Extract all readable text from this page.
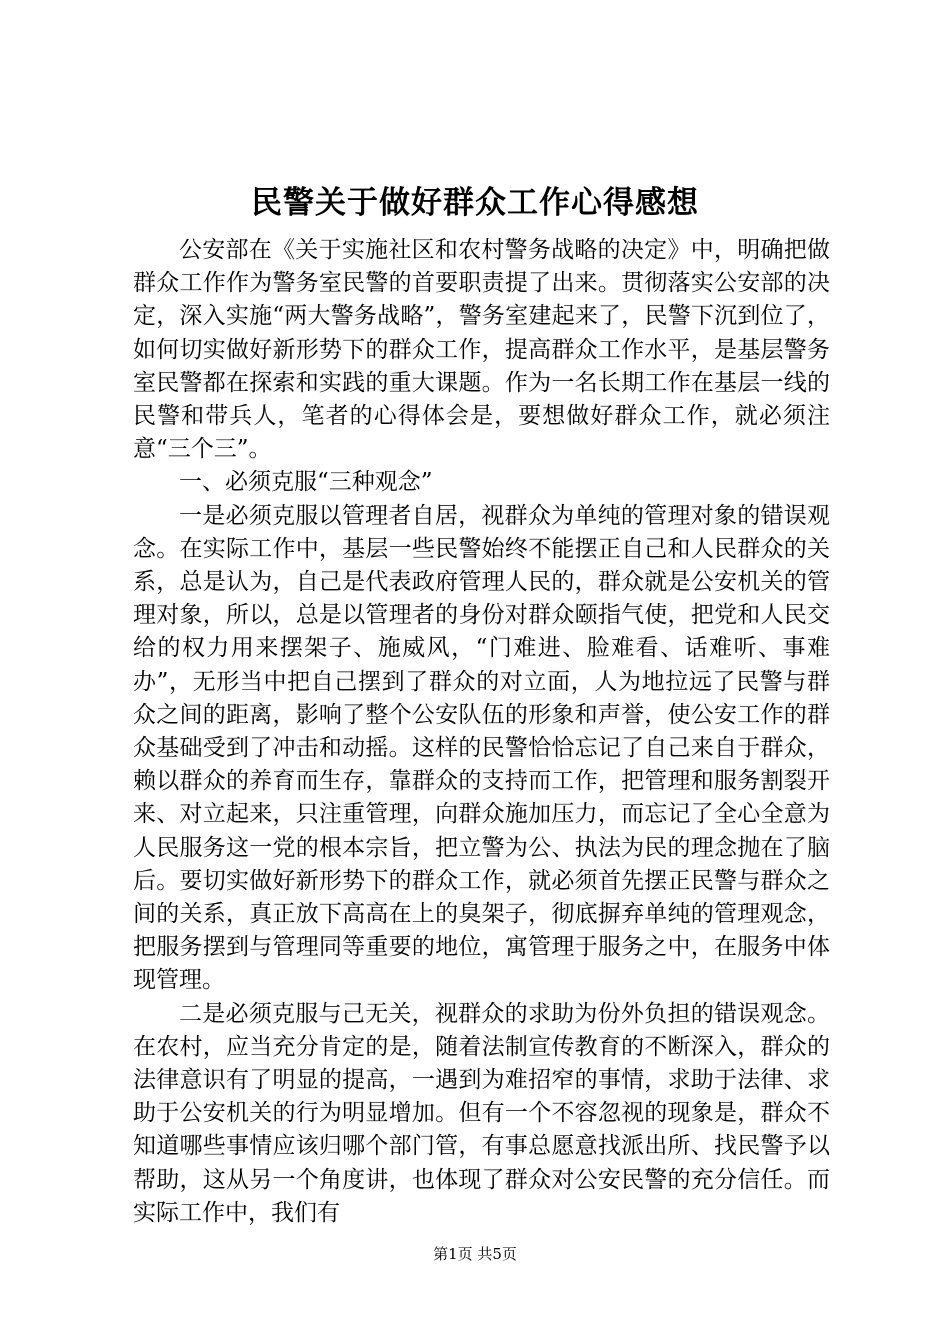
民警关于做好群众工作心得感想

公安部在《关于实施社区和农村警务战略的决定》中，明确把做群众工作作为警务室民警的首要职责提了出来。贯彻落实公安部的决定，深入实施“两大警务战略”，警务室建起来了，民警下沉到位了，如何切实做好新形势下的群众工作，提高群众工作水平，是基层警务室民警都在探索和实践的重大课题。作为一名长期工作在基层一线的民警和带兵人，笔者的心得体会是，要想做好群众工作，就必须注意“三个三”。

一、必须克服“三种观念”

一是必须克服以管理者自居，视群众为单纯的管理对象的错误观念。在实际工作中，基层一些民警始终不能摆正自己和人民群众的关系，总是认为，自己是代表政府管理人民的，群众就是公安机关的管理对象，所以，总是以管理者的身份对群众颐指气使，把党和人民交给的权力用来摆架子、施威风，“门难进、脸难看、话难听、事难办”，无形当中把自己摆到了群众的对立面，人为地拉远了民警与群众之间的距离，影响了整个公安队伍的形象和声誉，使公安工作的群众基础受到了冲击和动摇。这样的民警恰恰忘记了自己来自于群众，赖以群众的养育而生存，靠群众的支持而工作，把管理和服务割裂开来、对立起来，只注重管理，向群众施加压力，而忘记了全心全意为人民服务这一党的根本宗旨，把立警为公、执法为民的理念抛在了脑后。要切实做好新形势下的群众工作，就必须首先摆正民警与群众之间的关系，真正放下高高在上的臭架子，彻底摒弃单纯的管理观念，把服务摆到与管理同等重要的地位，寓管理于服务之中，在服务中体现管理。

二是必须克服与己无关，视群众的求助为份外负担的错误观念。在农村，应当充分肯定的是，随着法制宣传教育的不断深入，群众的法律意识有了明显的提高，一遇到为难招窄的事情，求助于法律、求助于公安机关的行为明显增加。但有一个不容忽视的现象是，群众不知道哪些事情应该归哪个部门管，有事总愿意找派出所、找民警予以帮助，这从另一个角度讲，也体现了群众对公安民警的充分信任。而实际工作中，我们有

第1页 共5页
